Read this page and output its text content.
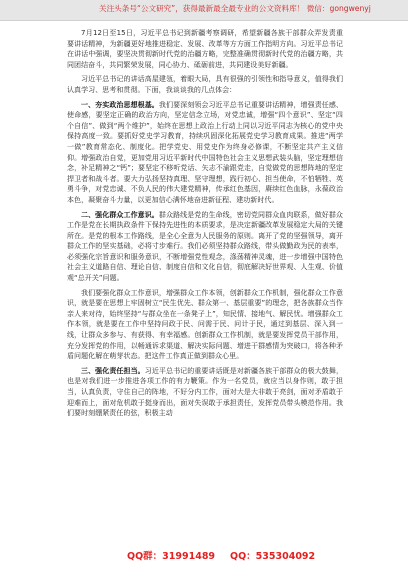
关注头条号“公文研究”，获得最新最全最专业的公文资料库！ 微信：gongwenyj

7月12日至15日，习近平总书记到新疆考察调研，希望新疆各族干部群众弄发责重要讲话精神，为新疆更好地推进稳定、发展、改革等方方面工作指明方向。习近平总书记在讲话中强调，要坚决贯彻新时代党的治疆方略，完整准确贯彻新时代党的治疆方略，共同团结奋斗，共同繁荣发展，同心协力、砥砺前进，共同建设美好新疆。

习近平总书记的讲话高屋建瓴，着眼大局，具有很强的引领性和指导意义，值得我们认真学习、思考和贯彻。下面，我谈谈我的几点体会：

一、夯实政治思想根基。我们要深刻领会习近平总书记重要讲话精神，增强责任感、使命感，要坚定正确的政治方向，坚定信念立场，对党忠诚，增强“四个意识”、坚定“四个自信”、做到“两个维护”，始终在思想上政治上行动上同以习近平同志为核心的党中央保持高度一致。要抓好党史学习教育，持续巩固深化拓展党史学习教育成果。推进“两学一做”教育常态化、制度化。把学党史、用党史作为终身必修课，不断坚定共产主义信仰。增强政治自觉，更加党用习近平新时代中国特色社会主义思想武装头脑，坚定理想信念，补足精神之“钙”；要坚定不移听党话、矢志不渝跟党走，自觉做党的思想阵地的坚定捍卫者和战斗者。要大力弘扬坚持真理、坚守理想，践行初心、担当使命，不怕牺牲、英勇斗争，对党忠诚、不负人民的伟大建党精神，传承红色基因，赓续红色血脉，永葆政治本色，凝聚奋斗力量，以更加信心满怀地奋进新征程、建功新时代。

二、强化群众工作意识。群众路线是党的生命线，密切党同群众血肉联系，做好群众工作是党在长期执政条件下保持先进性的本质要求，是决定新疆改革发展稳定大局的关键所在。是党的根本工作路线，是全心全意为人民服务的原则。离开了党的坚强领导，离开群众工作的坚实基础，必将寸步难行。我们必须坚持群众路线，带头做勤政为民的表率，必须强化宗旨意识和服务意识，不断增强党性观念，涤荡精神灵魂，进一步增强中国特色社会主义道路自信、理论自信、制度自信和文化自信，彻底解决好世界观、人生观、价值观“总开关”问题。

我们要强化群众工作意识，增强群众工作本领，创新群众工作机制，强化群众工作意识，就是要在思想上牢固树立“民生优先、群众第一、基层重要”的理念，把各族群众当作亲人来对待，始终坚持“与群众坐在一条凳子上”，知民情、接地气、解民忧。增强群众工作本领，就是要在工作中坚持问政于民、问需于民、问计于民，通过到基层、深入到一线，让群众多参与、有获得、有幸福感。创新群众工作机制，就是要发挥党员干部作用，充分发挥党的作用，以畅通诉求渠道、解决实际问题、增进干群感情为突破口，将各种矛盾问题化解在萌芽状态。把这件工作真正做到群众心里。

三、强化责任担当。习近平总书记的重要讲话既是对新疆各族干部群众的极大鼓舞，也是对我们进一步推进各项工作的有力鞭策。作为一名党员，就应当以身作则，敢于担当，认真负责，守住自己的阵地，不好分内工作，面对大是大非敢于亮剑，面对矛盾敢于迎难而上，面对危机敢于挺身而出，面对失误敢于承担责任，发挥党员带头模范作用。我们要时刻绷紧责任的弦，积极主动

QQ群：31991489 QQ：535304092
